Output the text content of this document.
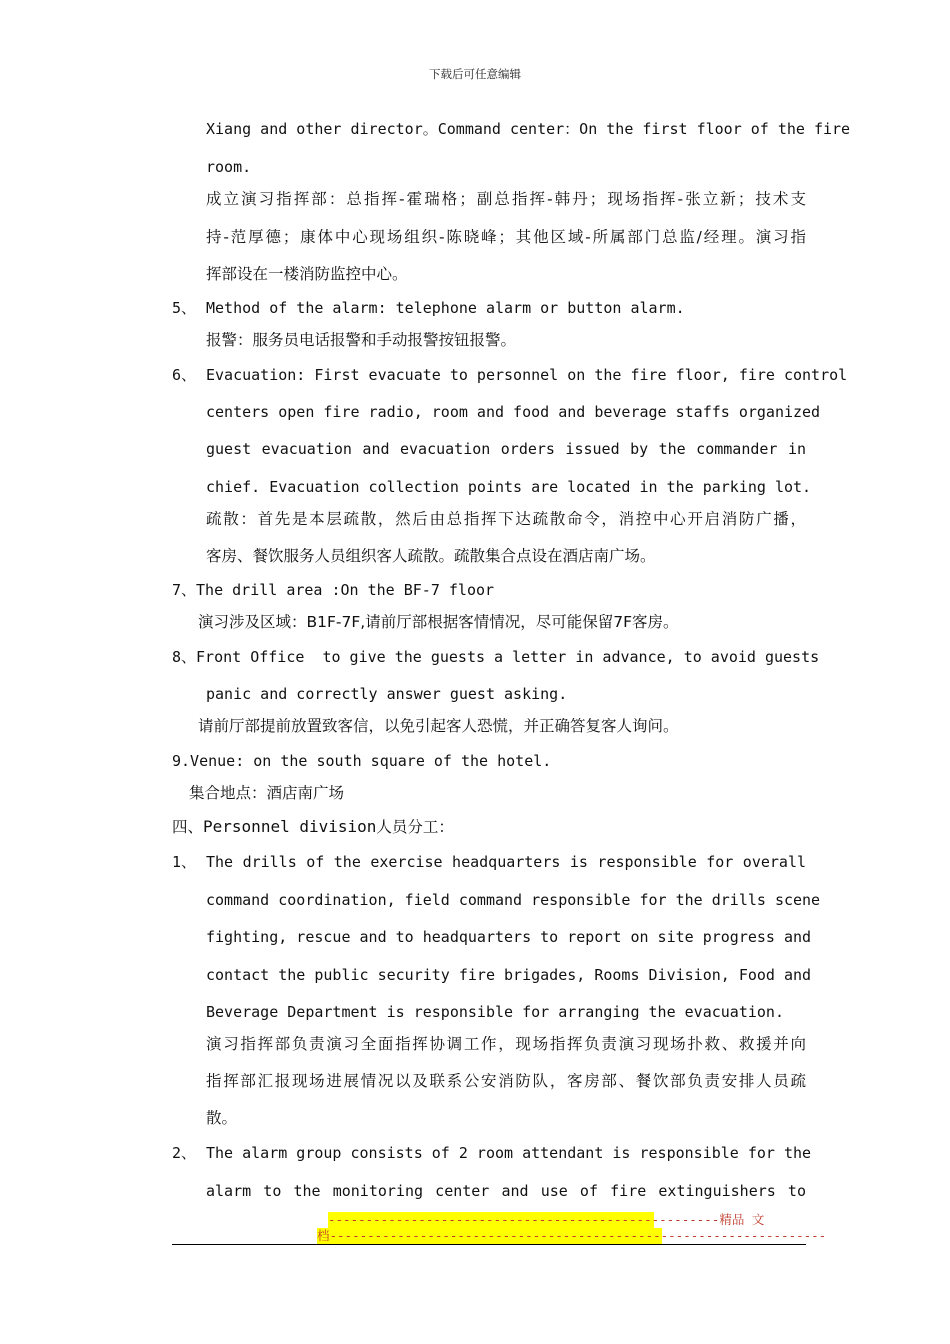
下载后可任意编辑
Xiang and other director。Command center：On the first floor of the fire
room.
成立演习指挥部：总指挥-霍瑞格；副总指挥-韩丹；现场指挥-张立新；技术支
持-范厚德；康体中心现场组织-陈晓峰；其他区域-所属部门总监/经理。演习指
挥部设在一楼消防监控中心。
5、 Method of the alarm: telephone alarm or button alarm.
报警：服务员电话报警和手动报警按钮报警。
6、 Evacuation: First evacuate to personnel on the fire floor, fire control
centers open fire radio, room and food and beverage staffs organized
guest evacuation and evacuation orders issued by the commander in
chief. Evacuation collection points are located in the parking lot.
疏散：首先是本层疏散，然后由总指挥下达疏散命令，消控中心开启消防广播，
客房、餐饮服务人员组织客人疏散。疏散集合点设在酒店南广场。
7、The drill area :On the BF-7 floor
演习涉及区域：B1F-7F,请前厅部根据客情情况，尽可能保留7F客房。
8、Front Office  to give the guests a letter in advance, to avoid guests
panic and correctly answer guest asking.
请前厅部提前放置致客信，以免引起客人恐慌，并正确答复客人询问。
9.Venue: on the south square of the hotel.
集合地点：酒店南广场
四、Personnel division人员分工：
1、 The drills of the exercise headquarters is responsible for overall
command coordination, field command responsible for the drills scene
fighting, rescue and to headquarters to report on site progress and
contact the public security fire brigades, Rooms Division, Food and
Beverage Department is responsible for arranging the evacuation.
演习指挥部负责演习全面指挥协调工作，现场指挥负责演习现场扑救、救援并向
指挥部汇报现场进展情况以及联系公安消防队，客房部、餐饮部负责安排人员疏
散。
2、 The alarm group consists of 2 room attendant is responsible for the
alarm to the monitoring center and use of fire extinguishers to
----------------------------------------------------精品 文
档------------------------------------------------------------------
